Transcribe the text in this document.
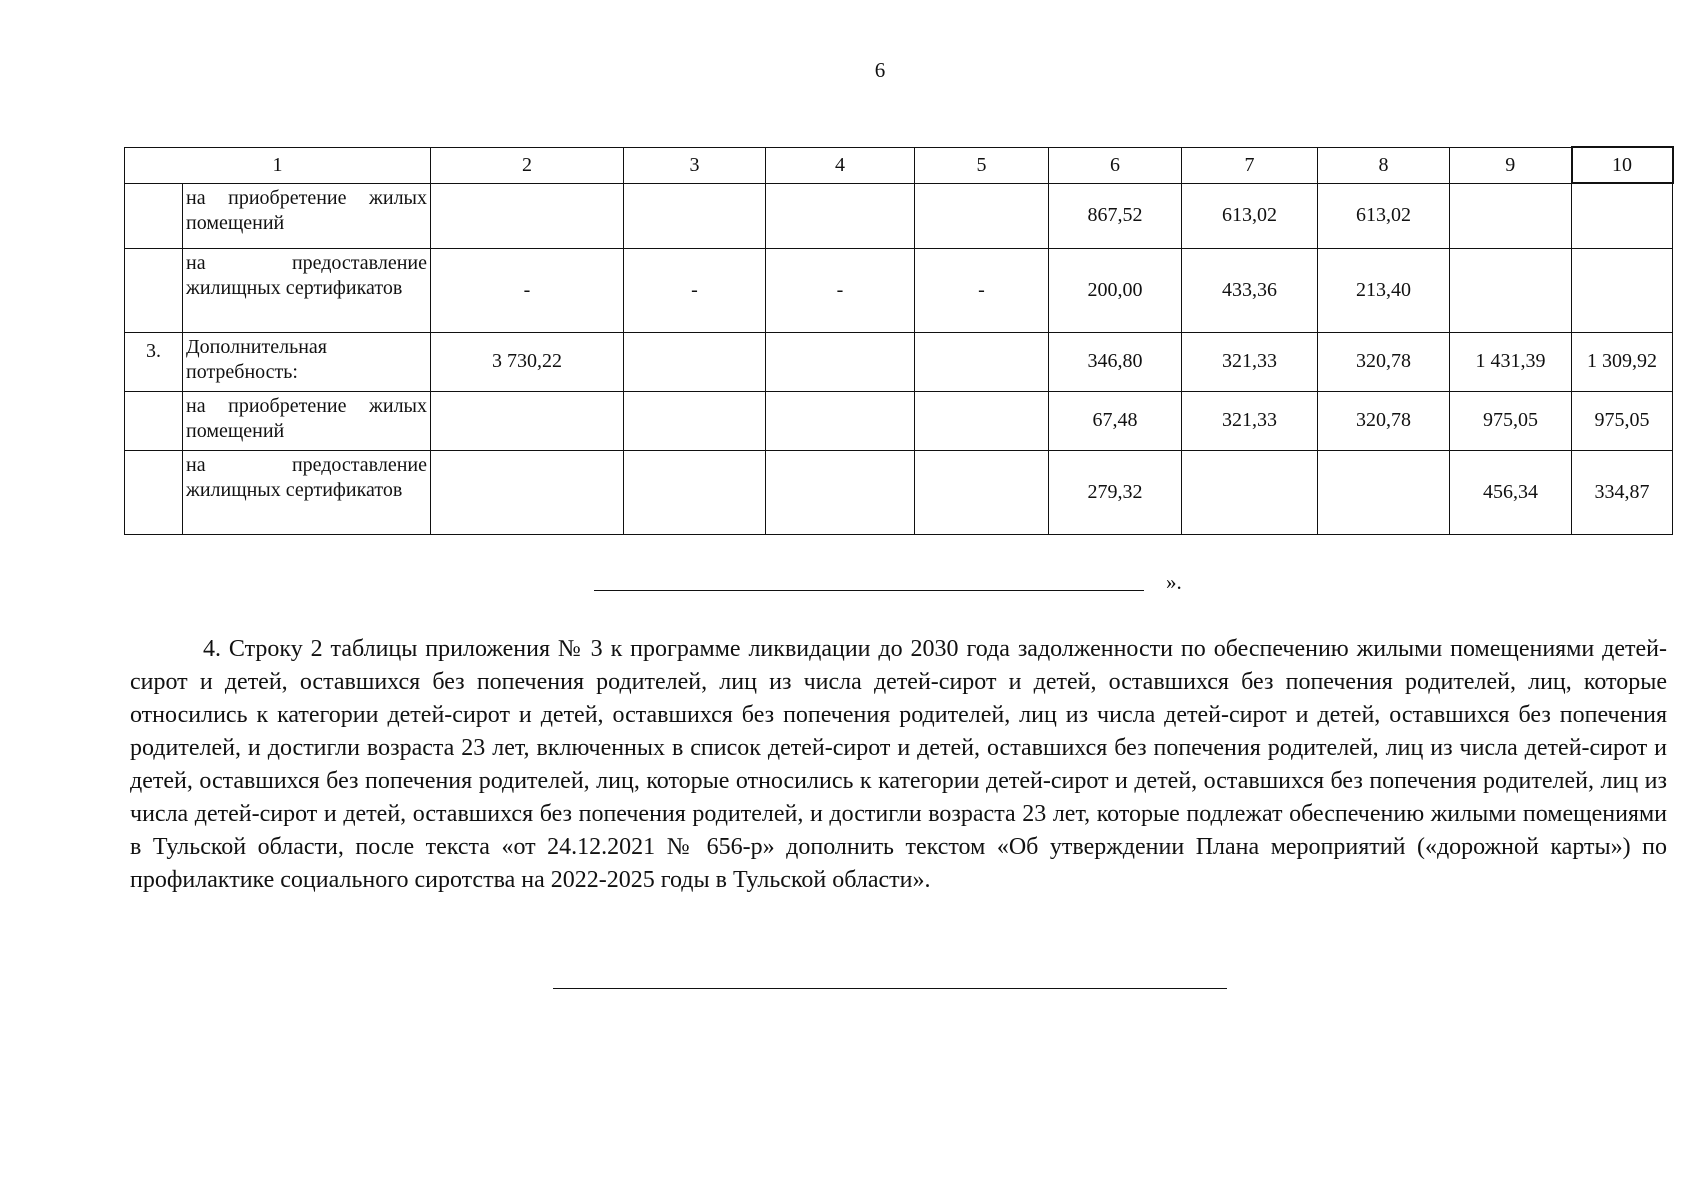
6
1		2	3	4	5	6	7	8	9	10
	на приобретение жилых помещений					867,52	613,02	613,02		
	на предоставление жилищных сертификатов	-	-	-	-	200,00	433,36	213,40		
3.	Дополнительная потребность:	3 730,22				346,80	321,33	320,78	1 431,39	1 309,92
	на приобретение жилых помещений					67,48	321,33	320,78	975,05	975,05
	на предоставление жилищных сертификатов					279,32			456,34	334,87
».
4. Строку 2 таблицы приложения № 3 к программе ликвидации до 2030 года задолженности по обеспечению жилыми помещениями детей-сирот и детей, оставшихся без попечения родителей, лиц из числа детей-сирот и детей, оставшихся без попечения родителей, лиц, которые относились к категории детей-сирот и детей, оставшихся без попечения родителей, лиц из числа детей-сирот и детей, оставшихся без попечения родителей, и достигли возраста 23 лет, включенных в список детей-сирот и детей, оставшихся без попечения родителей, лиц из числа детей-сирот и детей, оставшихся без попечения родителей, лиц, которые относились к категории детей-сирот и детей, оставшихся без попечения родителей, лиц из числа детей-сирот и детей, оставшихся без попечения родителей, и достигли возраста 23 лет, которые подлежат обеспечению жилыми помещениями в Тульской области, после текста «от 24.12.2021 № 656-р» дополнить текстом «Об утверждении Плана мероприятий («дорожной карты») по профилактике социального сиротства на 2022-2025 годы в Тульской области».
